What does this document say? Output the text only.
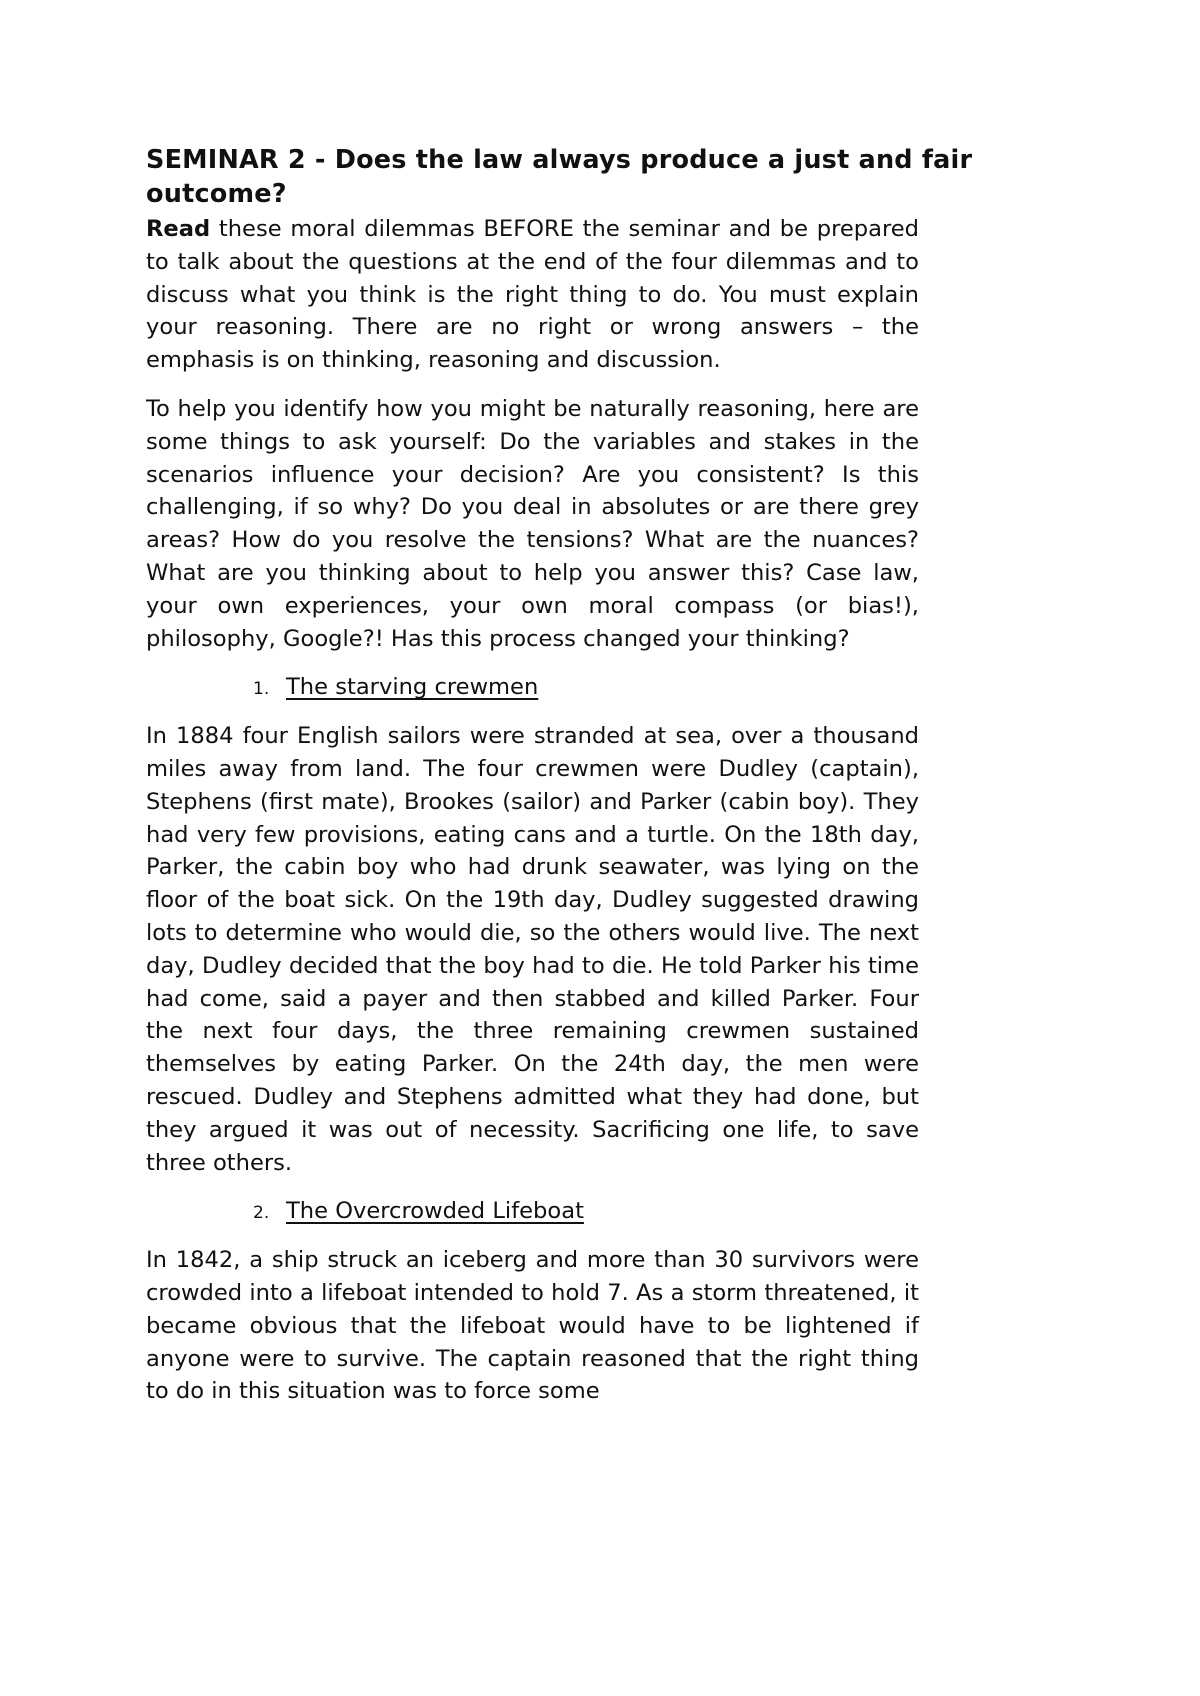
SEMINAR 2 - Does the law always produce a just and fair outcome?

Read these moral dilemmas BEFORE the seminar and be prepared to talk about the questions at the end of the four dilemmas and to discuss what you think is the right thing to do. You must explain your reasoning. There are no right or wrong answers – the emphasis is on thinking, reasoning and discussion.

To help you identify how you might be naturally reasoning, here are some things to ask yourself: Do the variables and stakes in the scenarios influence your decision? Are you consistent? Is this challenging, if so why? Do you deal in absolutes or are there grey areas? How do you resolve the tensions? What are the nuances? What are you thinking about to help you answer this? Case law, your own experiences, your own moral compass (or bias!), philosophy, Google?! Has this process changed your thinking?

1. The starving crewmen

In 1884 four English sailors were stranded at sea, over a thousand miles away from land. The four crewmen were Dudley (captain), Stephens (first mate), Brookes (sailor) and Parker (cabin boy). They had very few provisions, eating cans and a turtle. On the 18th day, Parker, the cabin boy who had drunk seawater, was lying on the floor of the boat sick. On the 19th day, Dudley suggested drawing lots to determine who would die, so the others would live. The next day, Dudley decided that the boy had to die. He told Parker his time had come, said a payer and then stabbed and killed Parker. Four the next four days, the three remaining crewmen sustained themselves by eating Parker. On the 24th day, the men were rescued. Dudley and Stephens admitted what they had done, but they argued it was out of necessity. Sacrificing one life, to save three others.

2. The Overcrowded Lifeboat

In 1842, a ship struck an iceberg and more than 30 survivors were crowded into a lifeboat intended to hold 7. As a storm threatened, it became obvious that the lifeboat would have to be lightened if anyone were to survive. The captain reasoned that the right thing to do in this situation was to force some
